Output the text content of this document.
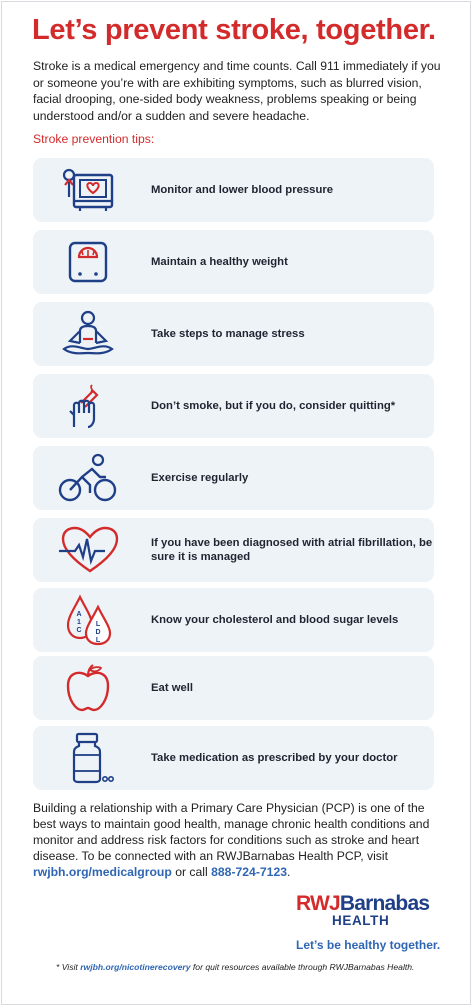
Let’s prevent stroke, together.
Stroke is a medical emergency and time counts. Call 911 immediately if you or someone you’re with are exhibiting symptoms, such as blurred vision, facial drooping, one-sided body weakness, problems speaking or being understood and/or a sudden and severe headache.
Stroke prevention tips:
Monitor and lower blood pressure
Maintain a healthy weight
Take steps to manage stress
Don’t smoke, but if you do, consider quitting*
Exercise regularly
If you have been diagnosed with atrial fibrillation, be sure it is managed
A
1
C
L
D
L
Know your cholesterol and blood sugar levels
Eat well
Take medication as prescribed by your doctor
Building a relationship with a Primary Care Physician (PCP) is one of the best ways to maintain good health, manage chronic health conditions and monitor and address risk factors for conditions such as stroke and heart disease. To be connected with an RWJBarnabas Health PCP, visit rwjbh.org/medicalgroup or call 888-724-7123.
RWJBarnabas
HEALTH
Let’s be healthy together.
* Visit rwjbh.org/nicotinerecovery for quit resources available through RWJBarnabas Health.
